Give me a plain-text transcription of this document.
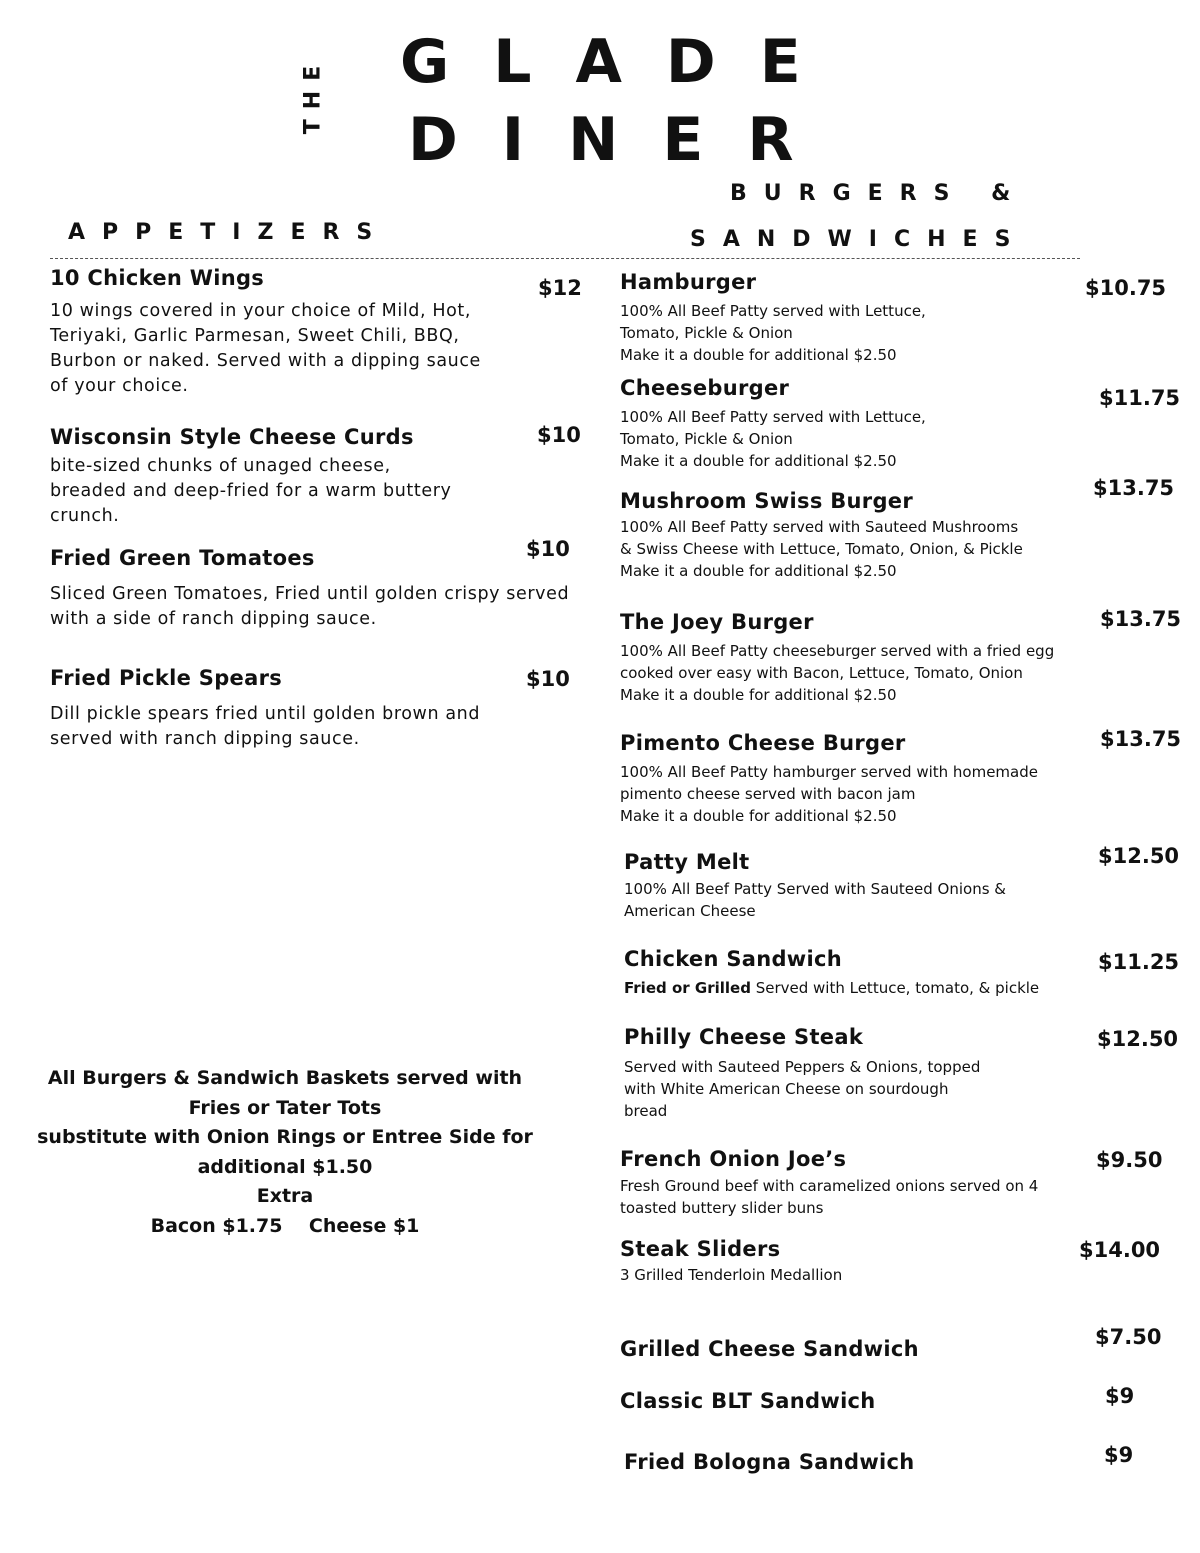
THE GLADE
DINER
APPETIZERS
BURGERS &
SANDWICHES
10 Chicken Wings	$12
10 wings covered in your choice of Mild, Hot, Teriyaki, Garlic Parmesan, Sweet Chili, BBQ, Burbon or naked. Served with a dipping sauce of your choice.
Wisconsin Style Cheese Curds	$10
bite-sized chunks of unaged cheese, breaded and deep-fried for a warm buttery crunch.
Fried Green Tomatoes	$10
Sliced Green Tomatoes, Fried until golden crispy served with a side of ranch dipping sauce.
Fried Pickle Spears	$10
Dill pickle spears fried until golden brown and served with ranch dipping sauce.
Hamburger	$10.75
100% All Beef Patty served with Lettuce,
Tomato, Pickle & Onion
Make it a double for additional $2.50
Cheeseburger	$11.75
100% All Beef Patty served with Lettuce,
Tomato, Pickle & Onion
Make it a double for additional $2.50
Mushroom Swiss Burger
$13.75
100% All Beef Patty served with Sauteed Mushrooms
& Swiss Cheese with Lettuce, Tomato, Onion, & Pickle
Make it a double for additional $2.50
The Joey Burger	$13.75
100% All Beef Patty cheeseburger served with a fried egg
cooked over easy with Bacon, Lettuce, Tomato, Onion
Make it a double for additional $2.50
Pimento Cheese Burger	$13.75
100% All Beef Patty hamburger served with homemade
pimento cheese served with bacon jam
Make it a double for additional $2.50
Patty Melt	$12.50
100% All Beef Patty Served with Sauteed Onions &
American Cheese
Chicken Sandwich	$11.25
Fried or Grilled Served with Lettuce, tomato, & pickle
Philly Cheese Steak	$12.50
Served with Sauteed Peppers & Onions, topped
with White American Cheese on sourdough
bread
French Onion Joe’s	$9.50
Fresh Ground beef with caramelized onions served on 4
toasted buttery slider buns
Steak Sliders	$14.00
3 Grilled Tenderloin Medallion
Grilled Cheese Sandwich	$7.50
Classic BLT Sandwich	$9
Fried Bologna Sandwich	$9
All Burgers & Sandwich Baskets served with
Fries or Tater Tots
substitute with Onion Rings or Entree Side for
additional $1.50
Extra
Bacon $1.75    Cheese $1
